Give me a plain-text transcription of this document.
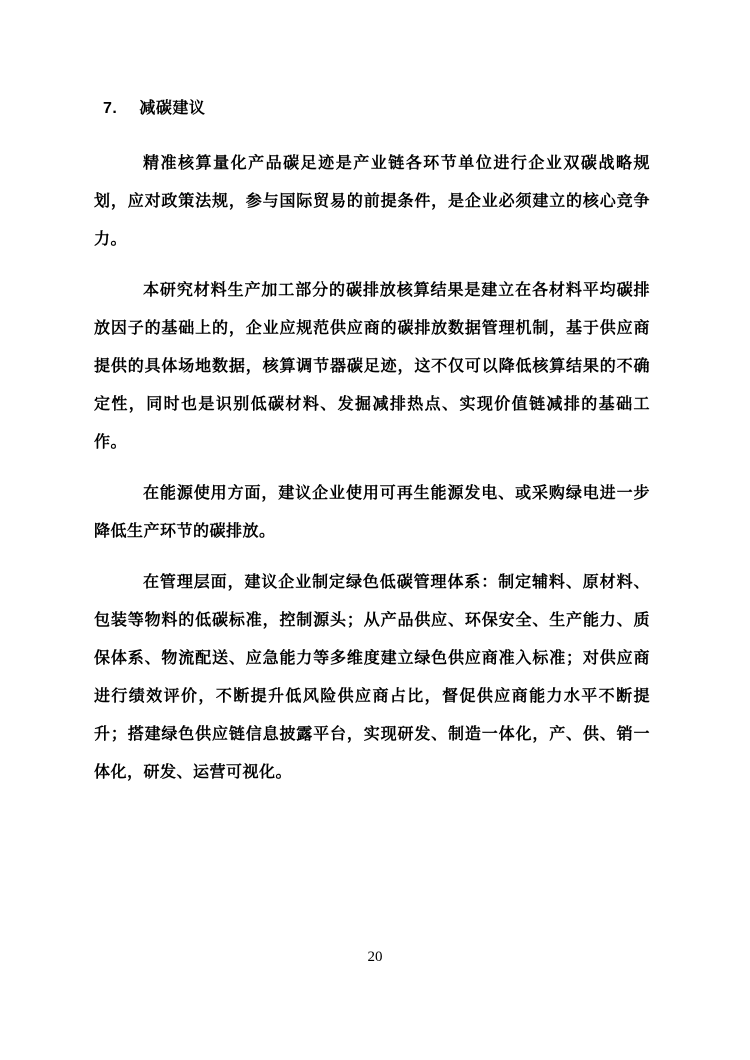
7. 减碳建议

精准核算量化产品碳足迹是产业链各环节单位进行企业双碳战略规划，应对政策法规，参与国际贸易的前提条件，是企业必须建立的核心竞争力。

本研究材料生产加工部分的碳排放核算结果是建立在各材料平均碳排放因子的基础上的，企业应规范供应商的碳排放数据管理机制，基于供应商提供的具体场地数据，核算调节器碳足迹，这不仅可以降低核算结果的不确定性，同时也是识别低碳材料、发掘减排热点、实现价值链减排的基础工作。

在能源使用方面，建议企业使用可再生能源发电、或采购绿电进一步降低生产环节的碳排放。

在管理层面，建议企业制定绿色低碳管理体系：制定辅料、原材料、包装等物料的低碳标准，控制源头；从产品供应、环保安全、生产能力、质保体系、物流配送、应急能力等多维度建立绿色供应商准入标准；对供应商进行绩效评价，不断提升低风险供应商占比，督促供应商能力水平不断提升；搭建绿色供应链信息披露平台，实现研发、制造一体化，产、供、销一体化，研发、运营可视化。

20
